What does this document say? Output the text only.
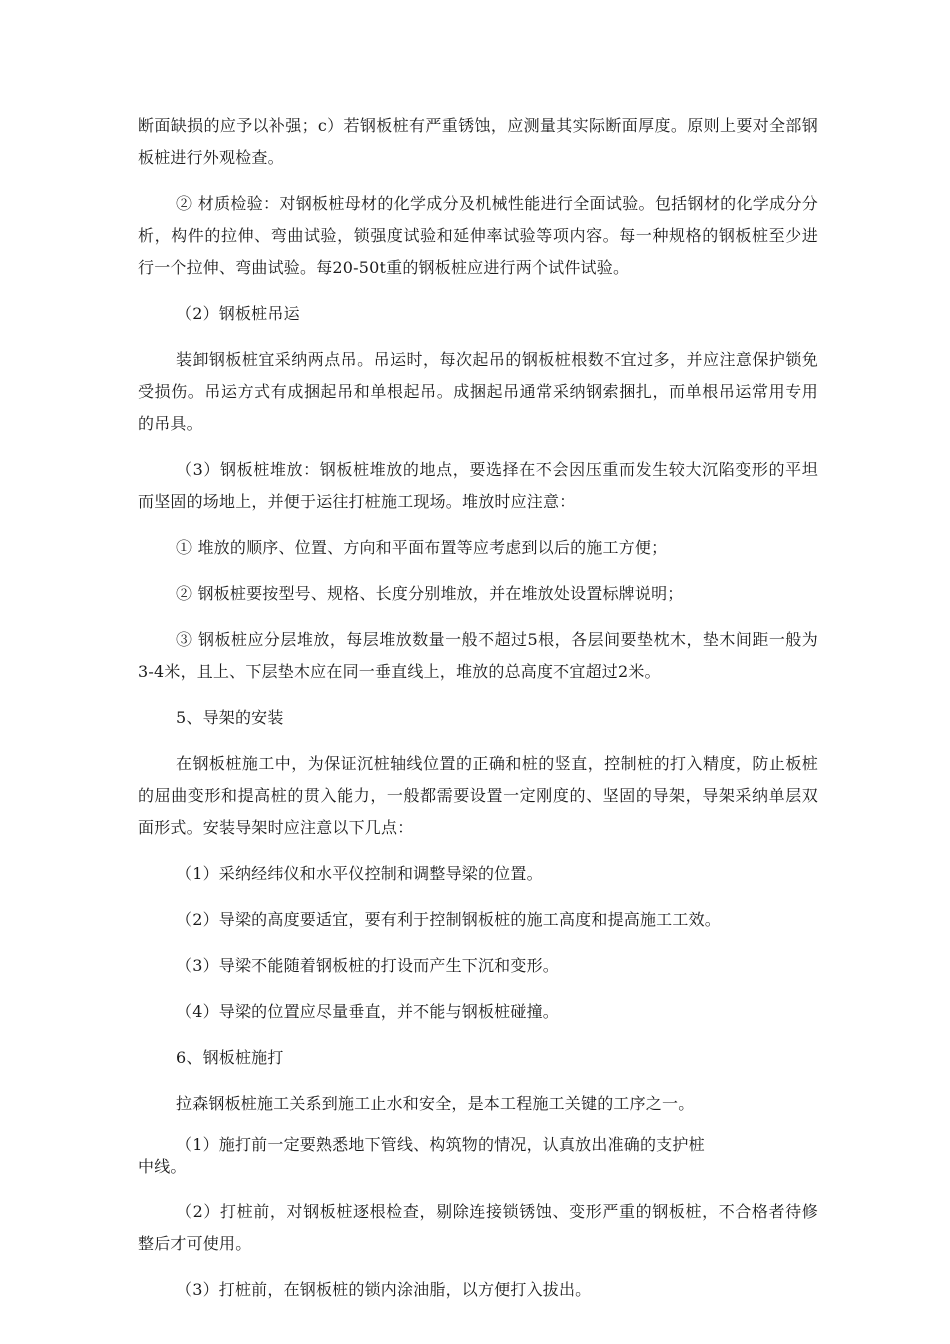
断面缺损的应予以补强；c）若钢板桩有严重锈蚀，应测量其实际断面厚度。原则上要对全部钢板桩进行外观检查。

② 材质检验：对钢板桩母材的化学成分及机械性能进行全面试验。包括钢材的化学成分分析，构件的拉伸、弯曲试验，锁强度试验和延伸率试验等项内容。每一种规格的钢板桩至少进行一个拉伸、弯曲试验。每20-50t重的钢板桩应进行两个试件试验。

（2）钢板桩吊运

装卸钢板桩宜采纳两点吊。吊运时，每次起吊的钢板桩根数不宜过多，并应注意保护锁免受损伤。吊运方式有成捆起吊和单根起吊。成捆起吊通常采纳钢索捆扎，而单根吊运常用专用的吊具。

（3）钢板桩堆放：钢板桩堆放的地点，要选择在不会因压重而发生较大沉陷变形的平坦而坚固的场地上，并便于运往打桩施工现场。堆放时应注意：

① 堆放的顺序、位置、方向和平面布置等应考虑到以后的施工方便；

② 钢板桩要按型号、规格、长度分别堆放，并在堆放处设置标牌说明；

③ 钢板桩应分层堆放，每层堆放数量一般不超过5根，各层间要垫枕木，垫木间距一般为3-4米，且上、下层垫木应在同一垂直线上，堆放的总高度不宜超过2米。

5、导架的安装

在钢板桩施工中，为保证沉桩轴线位置的正确和桩的竖直，控制桩的打入精度，防止板桩的屈曲变形和提高桩的贯入能力，一般都需要设置一定刚度的、坚固的导架，导架采纳单层双面形式。安装导架时应注意以下几点：

（1）采纳经纬仪和水平仪控制和调整导梁的位置。

（2）导梁的高度要适宜，要有利于控制钢板桩的施工高度和提高施工工效。

（3）导梁不能随着钢板桩的打设而产生下沉和变形。

（4）导梁的位置应尽量垂直，并不能与钢板桩碰撞。

6、钢板桩施打

拉森钢板桩施工关系到施工止水和安全，是本工程施工关键的工序之一。

（1）施打前一定要熟悉地下管线、构筑物的情况，认真放出准确的支护桩
中线。

（2）打桩前，对钢板桩逐根检查，剔除连接锁锈蚀、变形严重的钢板桩，不合格者待修整后才可使用。

（3）打桩前，在钢板桩的锁内涂油脂，以方便打入拔出。
